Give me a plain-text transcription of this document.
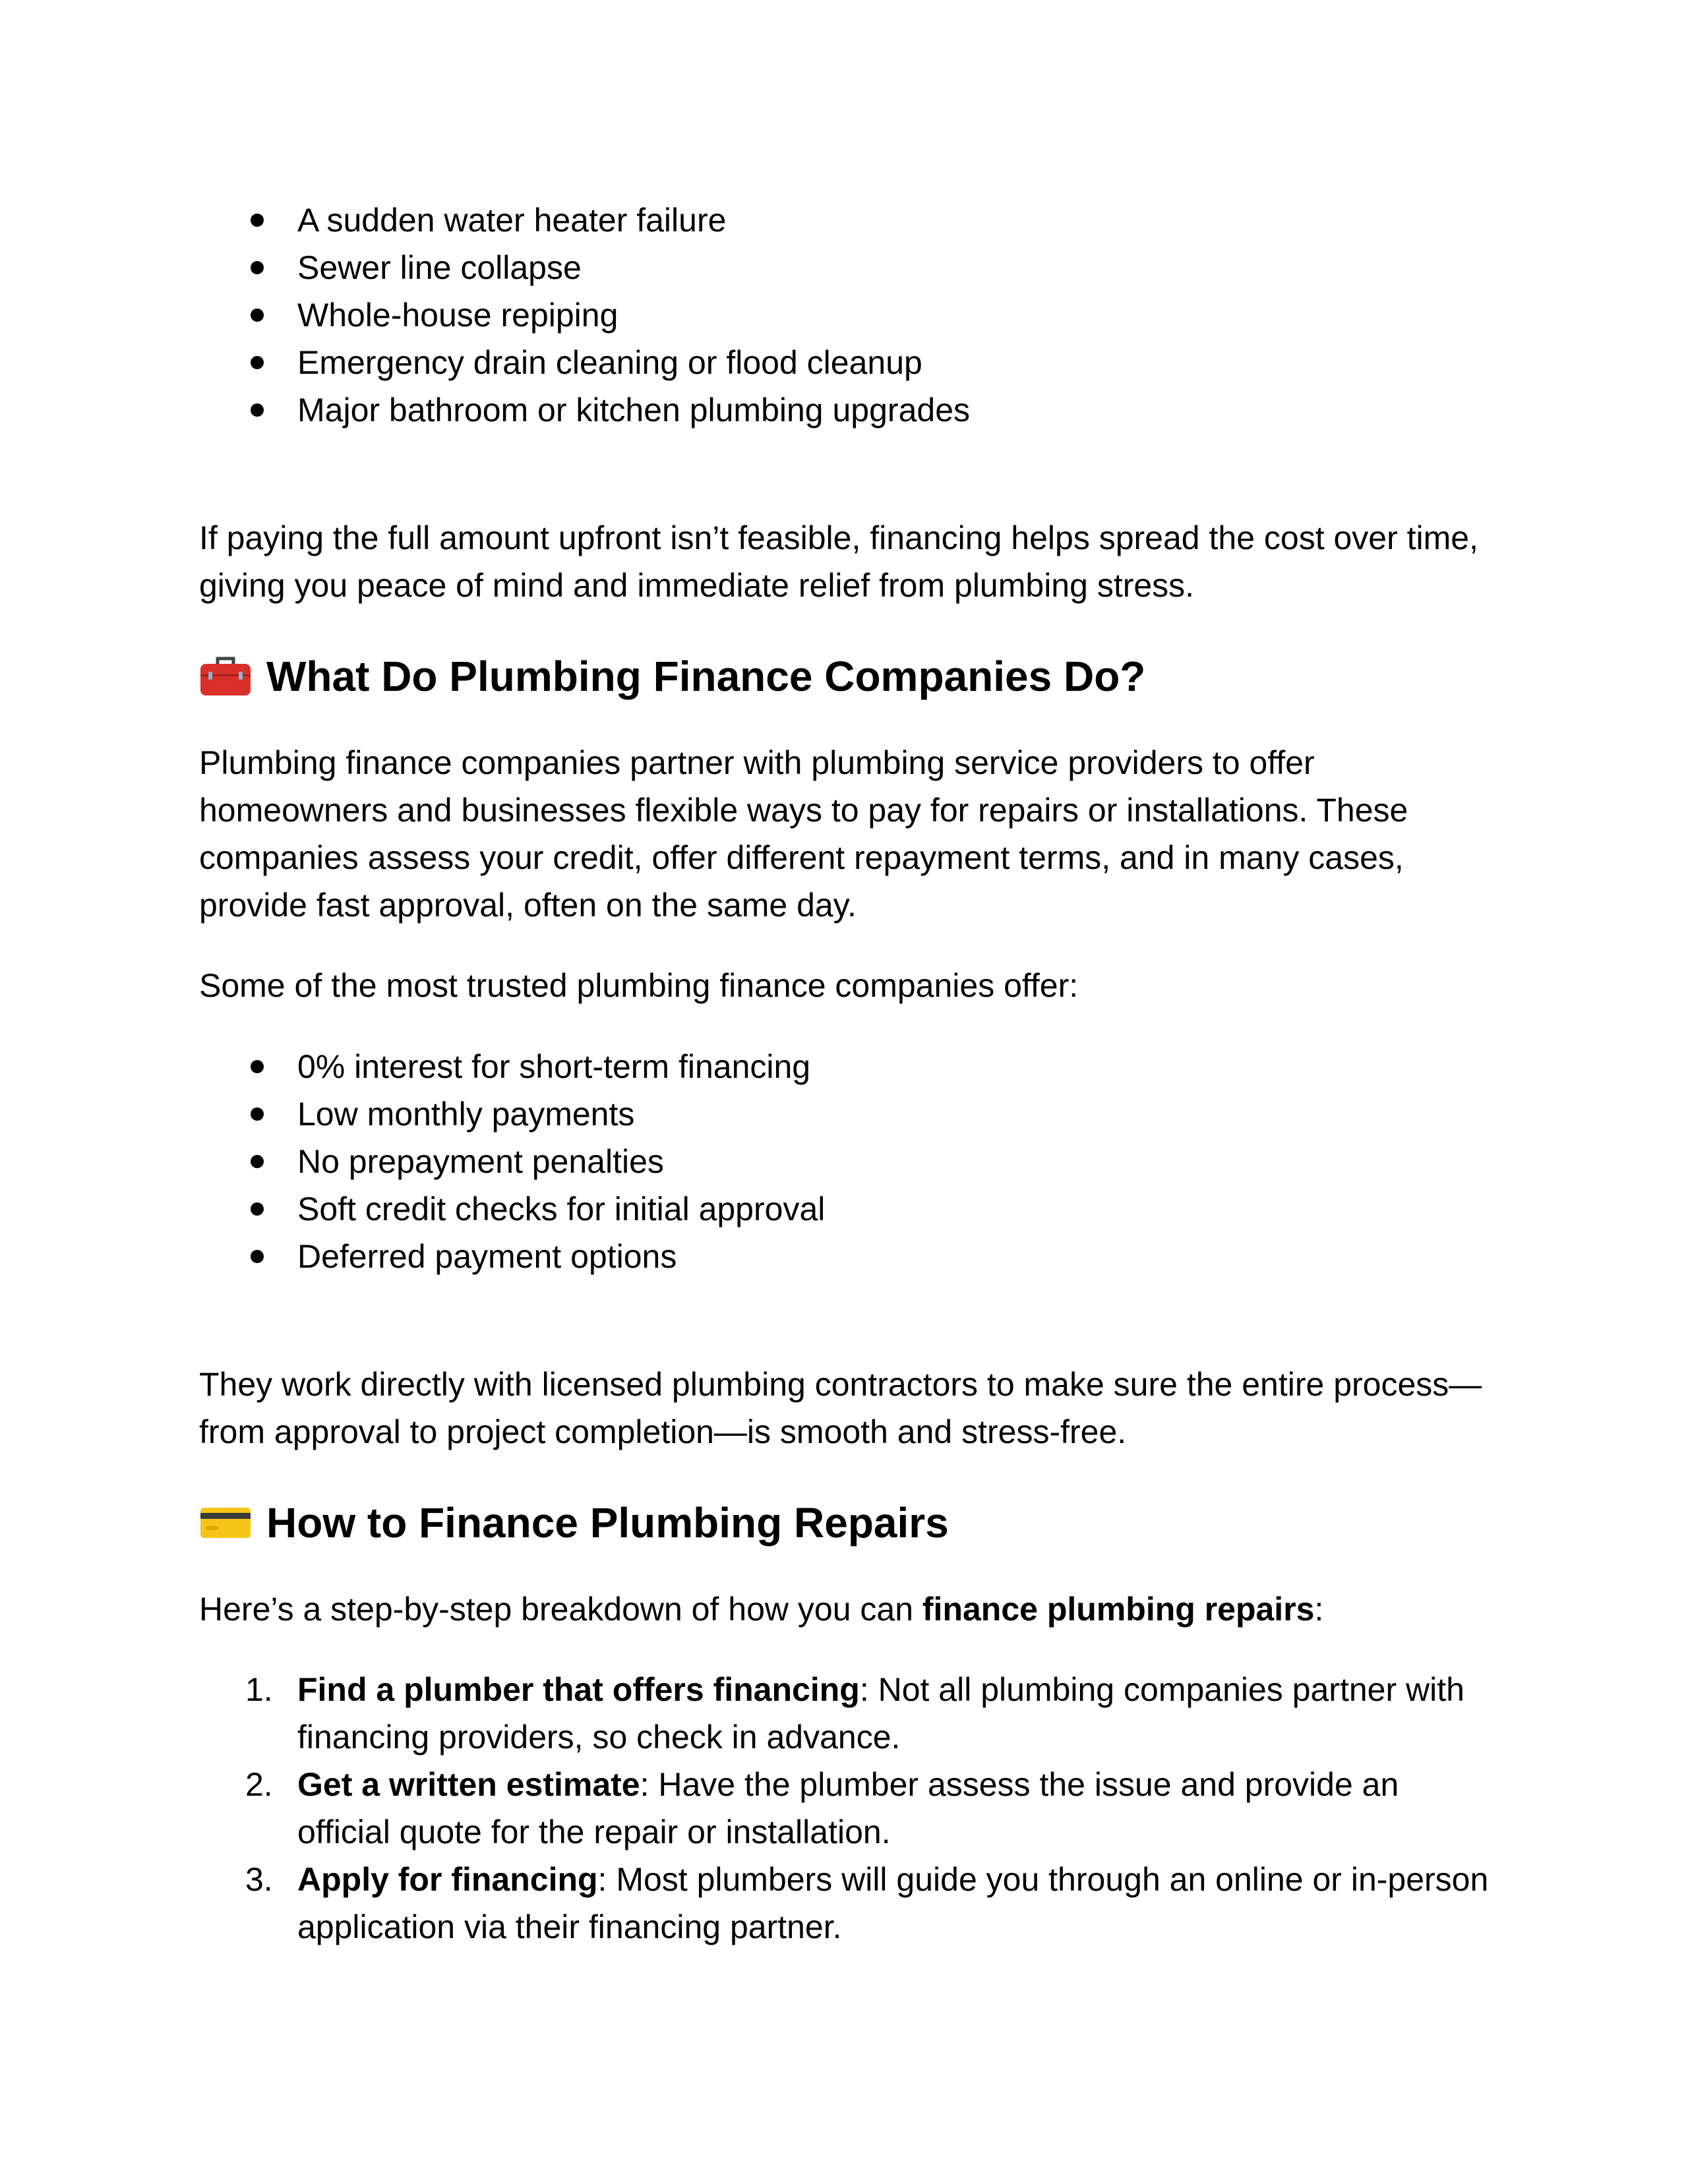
A sudden water heater failure
Sewer line collapse
Whole-house repiping
Emergency drain cleaning or flood cleanup
Major bathroom or kitchen plumbing upgrades

If paying the full amount upfront isn’t feasible, financing helps spread the cost over time, giving you peace of mind and immediate relief from plumbing stress.

What Do Plumbing Finance Companies Do?

Plumbing finance companies partner with plumbing service providers to offer homeowners and businesses flexible ways to pay for repairs or installations. These companies assess your credit, offer different repayment terms, and in many cases, provide fast approval, often on the same day.

Some of the most trusted plumbing finance companies offer:

0% interest for short-term financing
Low monthly payments
No prepayment penalties
Soft credit checks for initial approval
Deferred payment options

They work directly with licensed plumbing contractors to make sure the entire process—from approval to project completion—is smooth and stress-free.

How to Finance Plumbing Repairs

Here’s a step-by-step breakdown of how you can finance plumbing repairs:

1. Find a plumber that offers financing: Not all plumbing companies partner with financing providers, so check in advance.
2. Get a written estimate: Have the plumber assess the issue and provide an official quote for the repair or installation.
3. Apply for financing: Most plumbers will guide you through an online or in-person application via their financing partner.
